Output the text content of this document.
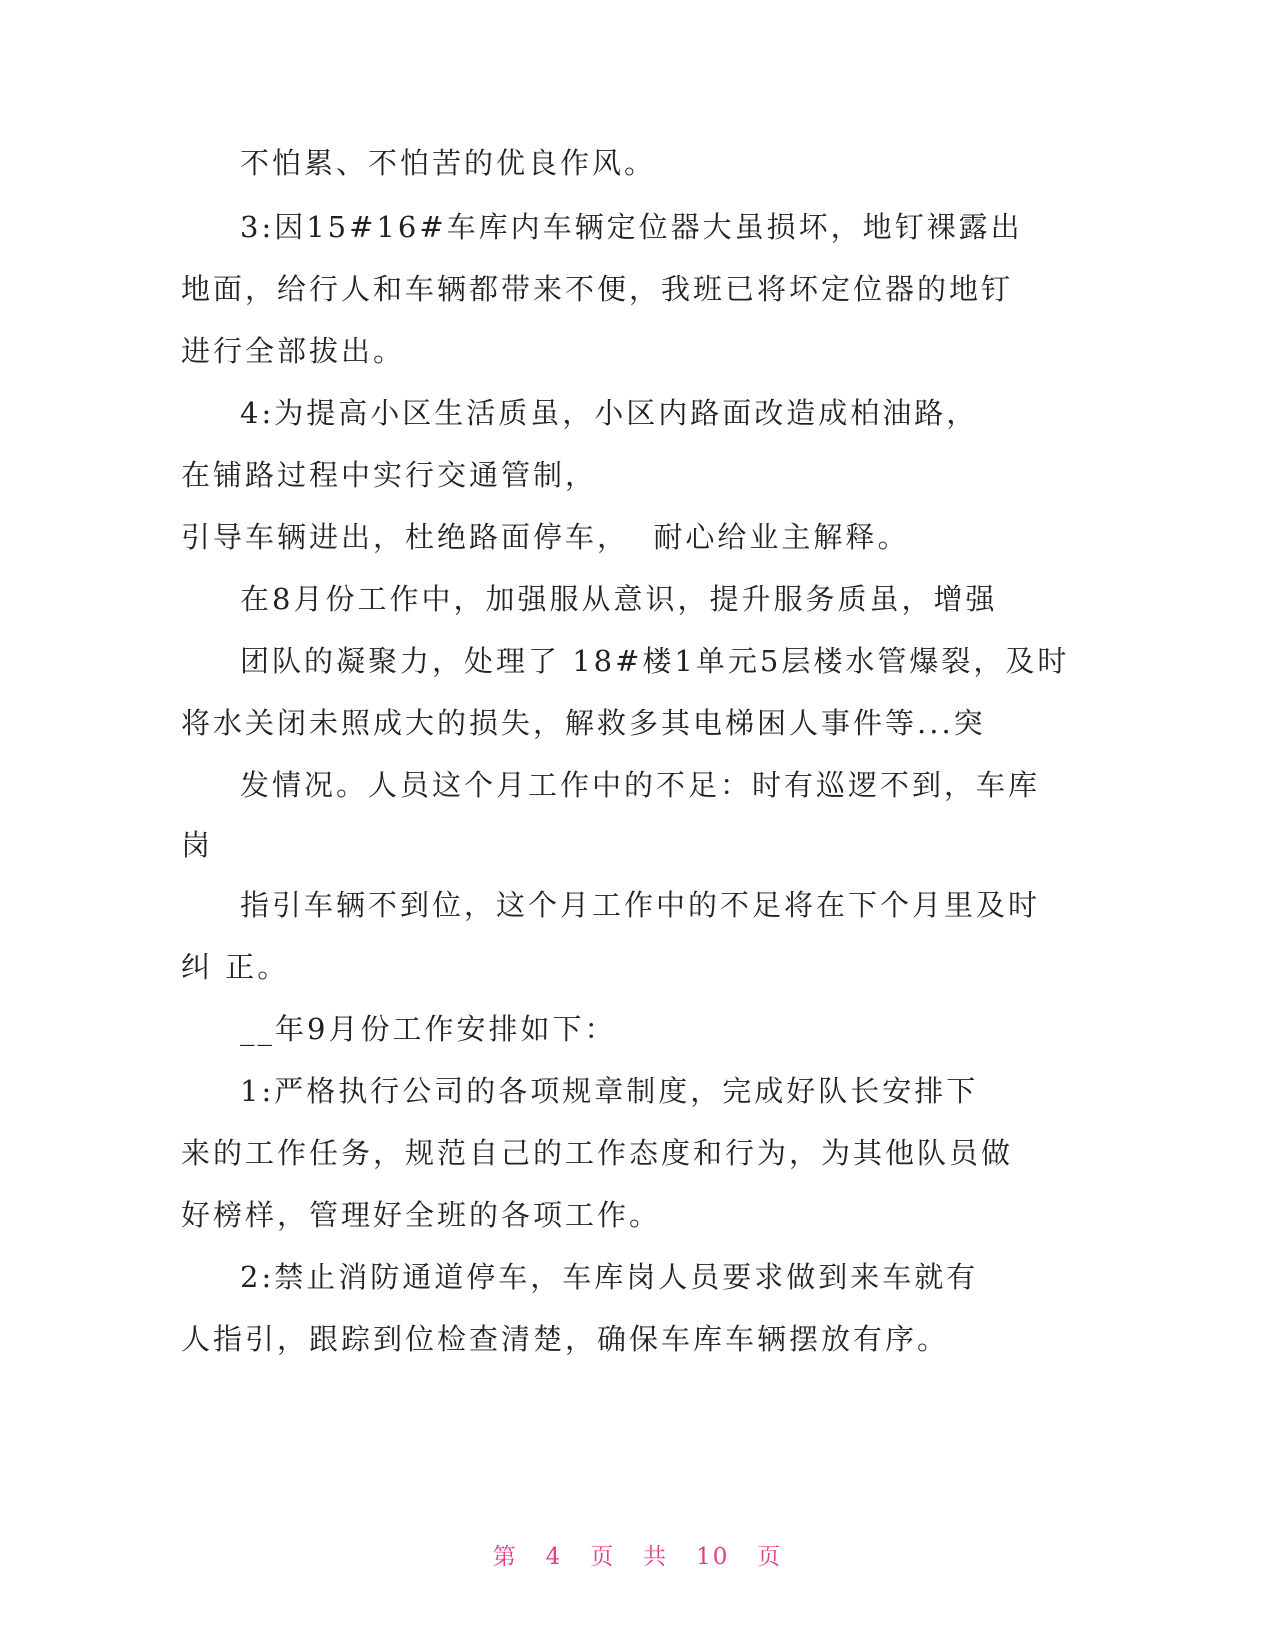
不怕累、不怕苦的优良作风。
3:因15#16#车库内车辆定位器大虽损坏，地钉裸露出
地面，给行人和车辆都带来不便，我班已将坏定位器的地钉
进行全部拔出。
4:为提高小区生活质虽，小区内路面改造成柏油路，
在铺路过程中实行交通管制，
引导车辆进出，杜绝路面停车，  耐心给业主解释。
在8月份工作中，加强服从意识，提升服务质虽，增强
团队的凝聚力，处理了 18#楼1单元5层楼水管爆裂，及时
将水关闭未照成大的损失，解救多其电梯困人事件等...突
发情况。人员这个月工作中的不足：时有巡逻不到，车库
岗
指引车辆不到位，这个月工作中的不足将在下个月里及时
纠 正。
__年9月份工作安排如下：
1:严格执行公司的各项规章制度，完成好队长安排下
来的工作任务，规范自己的工作态度和行为，为其他队员做
好榜样，管理好全班的各项工作。
2:禁止消防通道停车，车库岗人员要求做到来车就有
人指引，跟踪到位检查清楚，确保车库车辆摆放有序。
第 4 页 共 10 页
